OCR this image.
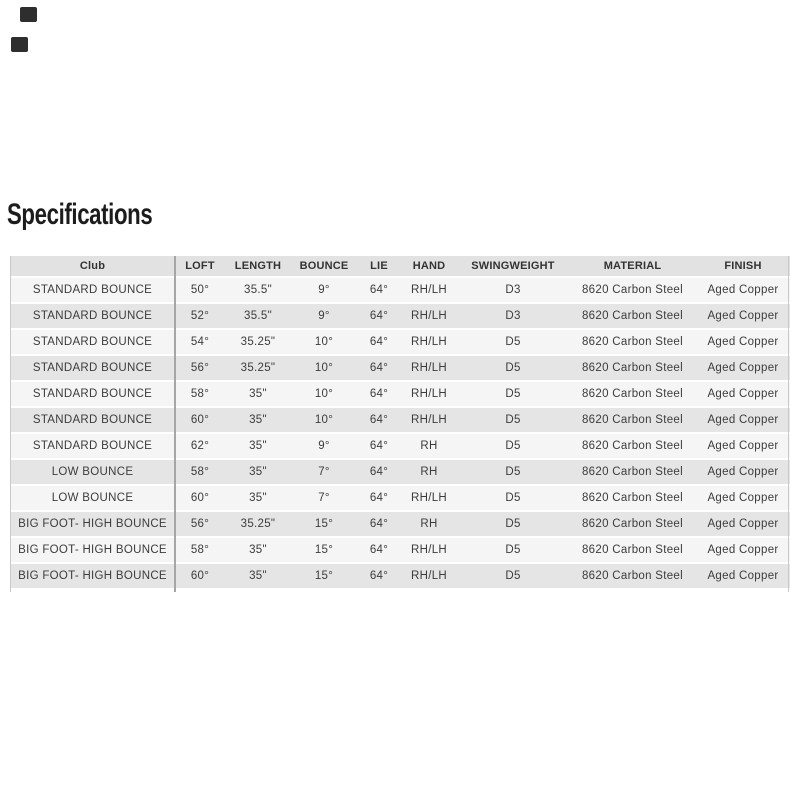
Specifications
Club	LOFT	LENGTH	BOUNCE	LIE	HAND	SWINGWEIGHT	MATERIAL	FINISH
STANDARD BOUNCE	50°	35.5"	9°	64°	RH/LH	D3	8620 Carbon Steel	Aged Copper
STANDARD BOUNCE	52°	35.5"	9°	64°	RH/LH	D3	8620 Carbon Steel	Aged Copper
STANDARD BOUNCE	54°	35.25"	10°	64°	RH/LH	D5	8620 Carbon Steel	Aged Copper
STANDARD BOUNCE	56°	35.25"	10°	64°	RH/LH	D5	8620 Carbon Steel	Aged Copper
STANDARD BOUNCE	58°	35"	10°	64°	RH/LH	D5	8620 Carbon Steel	Aged Copper
STANDARD BOUNCE	60°	35"	10°	64°	RH/LH	D5	8620 Carbon Steel	Aged Copper
STANDARD BOUNCE	62°	35"	9°	64°	RH	D5	8620 Carbon Steel	Aged Copper
LOW BOUNCE	58°	35"	7°	64°	RH	D5	8620 Carbon Steel	Aged Copper
LOW BOUNCE	60°	35"	7°	64°	RH/LH	D5	8620 Carbon Steel	Aged Copper
BIG FOOT- HIGH BOUNCE	56°	35.25"	15°	64°	RH	D5	8620 Carbon Steel	Aged Copper
BIG FOOT- HIGH BOUNCE	58°	35"	15°	64°	RH/LH	D5	8620 Carbon Steel	Aged Copper
BIG FOOT- HIGH BOUNCE	60°	35"	15°	64°	RH/LH	D5	8620 Carbon Steel	Aged Copper
